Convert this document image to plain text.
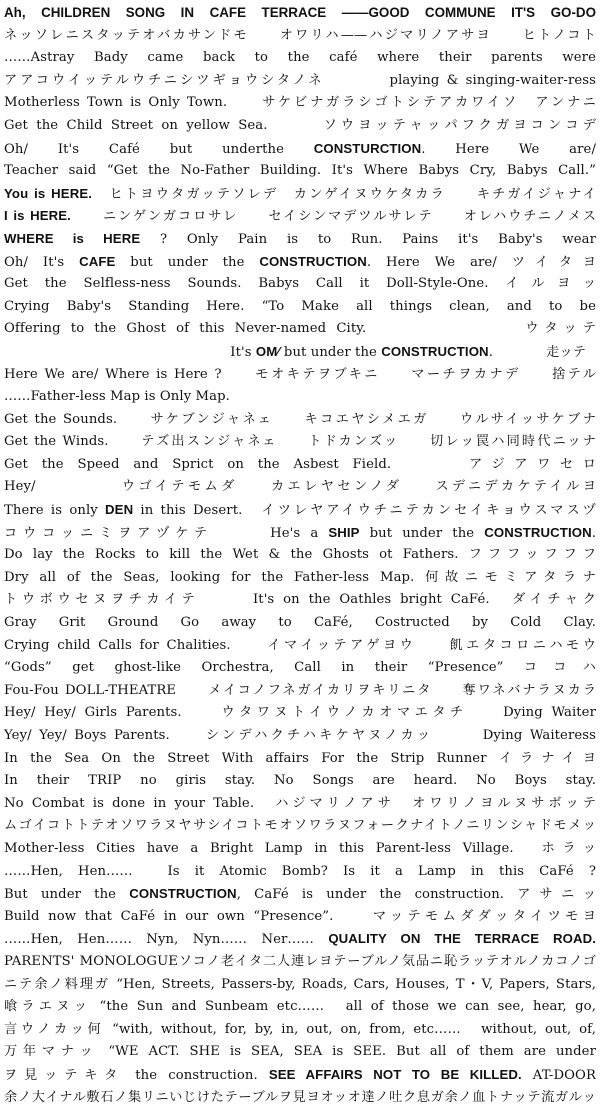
Ah, CHILDREN SONG IN CAFE TERRACE ——GOOD COMMUNE IT'S GO-DO
ネッソレニスタッテオバカサンドモ　　オワリハ——ハジマリノアサヨ　　ヒトノコト
……Astray Bady came back to the café where their parents were
アアコウイッテルウチニシツギョウシタノネ　　　　playing & singing-waiter-ress
Motherless Town is Only Town.　　サケビナガラシゴトシテアカワイソ　アンナニ
Get the Child Street on yellow Sea.　　　ソウヨッテャッパフクガヨコンコデ
Oh∕ It's Café but underthe CONSTURCTION. Here We are∕
Teacher said “Get the No-Father Building. It's Where Babys Cry, Babys Call.”
You is HERE.　ヒトヨウタガッテソレデ　カンゲイヌウケタカラ　　キチガイジャナイ
I is HERE.　　ニンゲンガコロサレ　　セイシンマデツルサレテ　　オレハウチニノメス
WHERE is HERE ? Only Pain is to Run. Pains it's Baby's wear
Oh∕ It's CAFE but under the CONSTRUCTION. Here We are∕ ツイタヨ
Get the Selfless-ness Sounds. Babys Call it Doll-Style-One. イルヨッ
Crying Baby's Standing Here. “To Make all things clean, and to be
Offering to the Ghost of this Never-named City.　　　　　　　　ウタッテ
It's OM∕ but under the CONSTRUCTION.　　　　走ッテ
Here We are∕ Where is Here ?　　モオキテヲブキニ　　マーチヲカナデ　　捨テル
……Father-less Map is Only Map.
Get the Sounds.　　サケブンジャネェ　　キコエヤシメエガ　　ウルサイッサケブナ
Get the Winds.　　テズ出スンジャネェ　　トドカンズッ　　切レッ罠ハ同時代ニッナ
Get the Speed and Sprict on the Asbest Field.　　　アジアワセロ
Hey∕　　　　　ウゴイテモムダ　　カエレヤセンノダ　　スデニデカケテイルヨ
There is only DEN in this Desert.　イツレヤアイウチニテカンセイキョウスマスヅ
コウコッニミヲアヅケテ　　　He's a SHIP but under the CONSTRUCTION.
Do lay the Rocks to kill the Wet & the Ghosts ot Fathers. フフフッフフフ
Dry all of the Seas, looking for the Father-less Map. 何故ニモミアタラナ
トウボウセヌヲチカイテ　　　It's on the Oathles bright CaFé.　ダイチャク
Gray Grit Ground Go away to CaFé, Costructed by Cold Clay.
Crying child Calls for Chalities.　　イマイッテアゲヨウ　　飢エタコロニハモウ
“Gods” get ghost-like Orchestra, Call in their “Presence” ココハ
Fou-Fou DOLL-THEATRE　　メイコノフネガイカリヲキリニタ　　奪ワネバナラヌカラ
Hey∕ Hey∕ Girls Parents.　　ウタワヌトイウノカオマエタチ　　Dying Waiter
Yey∕ Yey∕ Boys Parents.　　シンデハクチハキケヤヌノカッ　　　Dying Waiteress
In the Sea On the Street With affairs For the Strip Runner イラナイヨ
In their TRIP no giris stay. No Songs are heard. No Boys stay.
No Combat is done in your Table.　ハジマリノアサ　オワリノヨルヌサボッテ
ムゴイコトトテオソワラヌヤサシイコトモオソワラヌフォークナイトノニリンシャドモメッ
Mother-less Cities have a Bright Lamp in this Parent-less Village.　ホラッ
……Hen, Hen……　Is it Atomic Bomb? Is it a Lamp in this CaFé ?
But under the CONSTRUCTION, CaFé is under the construction. アサニッ
Build now that CaFé in our own “Presence”.　　マッテモムダダッタイツモヨ
……Hen, Hen…… Nyn, Nyn…… Ner…… QUALITY ON THE TERRACE ROAD.
PARENTS' MONOLOGUEソコノ老イタ二人連レヨテーブルノ気品ニ恥ラッテオルノカコノゴ
ニテ余ノ料理ガ “Hen, Streets, Passers-by, Roads, Cars, Houses, T・V, Papers, Stars,
喰ラエヌッ “the Sun and Sunbeam etc……　all of those we can see, hear, go,
言ウノカッ何 “with, without, for, by, in, out, on, from, etc……　without, out, of,
万年マナッ “WE ACT. SHE is SEA, SEA is SEE. But all of them are under
ヲ見ッテキタ the construction. SEE AFFAIRS NOT TO BE KILLED. AT-DOOR
余ノ大イナル敷石ノ集リニいじけたテーブルヲ見ヨオッオ達ノ吐ク息ガ余ノ血トナッテ流ガルッ
